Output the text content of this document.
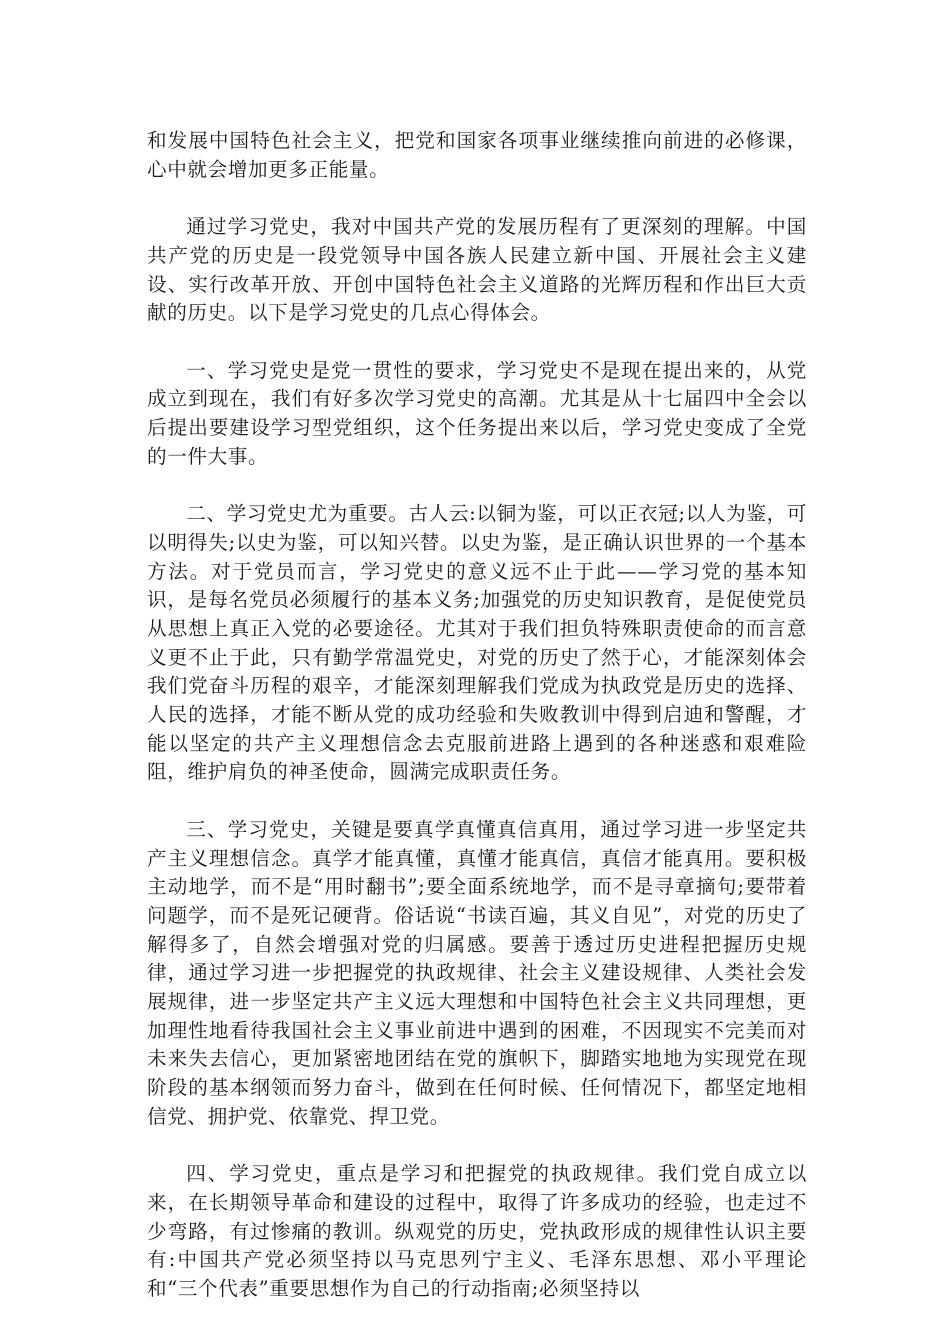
和发展中国特色社会主义，把党和国家各项事业继续推向前进的必修课，心中就会增加更多正能量。

通过学习党史，我对中国共产党的发展历程有了更深刻的理解。中国共产党的历史是一段党领导中国各族人民建立新中国、开展社会主义建设、实行改革开放、开创中国特色社会主义道路的光辉历程和作出巨大贡献的历史。以下是学习党史的几点心得体会。

一、学习党史是党一贯性的要求，学习党史不是现在提出来的，从党成立到现在，我们有好多次学习党史的高潮。尤其是从十七届四中全会以后提出要建设学习型党组织，这个任务提出来以后，学习党史变成了全党的一件大事。

二、学习党史尤为重要。古人云:以铜为鉴，可以正衣冠;以人为鉴，可以明得失;以史为鉴，可以知兴替。以史为鉴，是正确认识世界的一个基本方法。对于党员而言，学习党史的意义远不止于此——学习党的基本知识，是每名党员必须履行的基本义务;加强党的历史知识教育，是促使党员从思想上真正入党的必要途径。尤其对于我们担负特殊职责使命的而言意义更不止于此，只有勤学常温党史，对党的历史了然于心，才能深刻体会我们党奋斗历程的艰辛，才能深刻理解我们党成为执政党是历史的选择、人民的选择，才能不断从党的成功经验和失败教训中得到启迪和警醒，才能以坚定的共产主义理想信念去克服前进路上遇到的各种迷惑和艰难险阻，维护肩负的神圣使命，圆满完成职责任务。

三、学习党史，关键是要真学真懂真信真用，通过学习进一步坚定共产主义理想信念。真学才能真懂，真懂才能真信，真信才能真用。要积极主动地学，而不是“用时翻书”;要全面系统地学，而不是寻章摘句;要带着问题学，而不是死记硬背。俗话说“书读百遍，其义自见”，对党的历史了解得多了，自然会增强对党的归属感。要善于透过历史进程把握历史规律，通过学习进一步把握党的执政规律、社会主义建设规律、人类社会发展规律，进一步坚定共产主义远大理想和中国特色社会主义共同理想，更加理性地看待我国社会主义事业前进中遇到的困难，不因现实不完美而对未来失去信心，更加紧密地团结在党的旗帜下，脚踏实地地为实现党在现阶段的基本纲领而努力奋斗，做到在任何时候、任何情况下，都坚定地相信党、拥护党、依靠党、捍卫党。

四、学习党史，重点是学习和把握党的执政规律。我们党自成立以来，在长期领导革命和建设的过程中，取得了许多成功的经验，也走过不少弯路，有过惨痛的教训。纵观党的历史，党执政形成的规律性认识主要有:中国共产党必须坚持以马克思列宁主义、毛泽东思想、邓小平理论和“三个代表”重要思想作为自己的行动指南;必须坚持以
